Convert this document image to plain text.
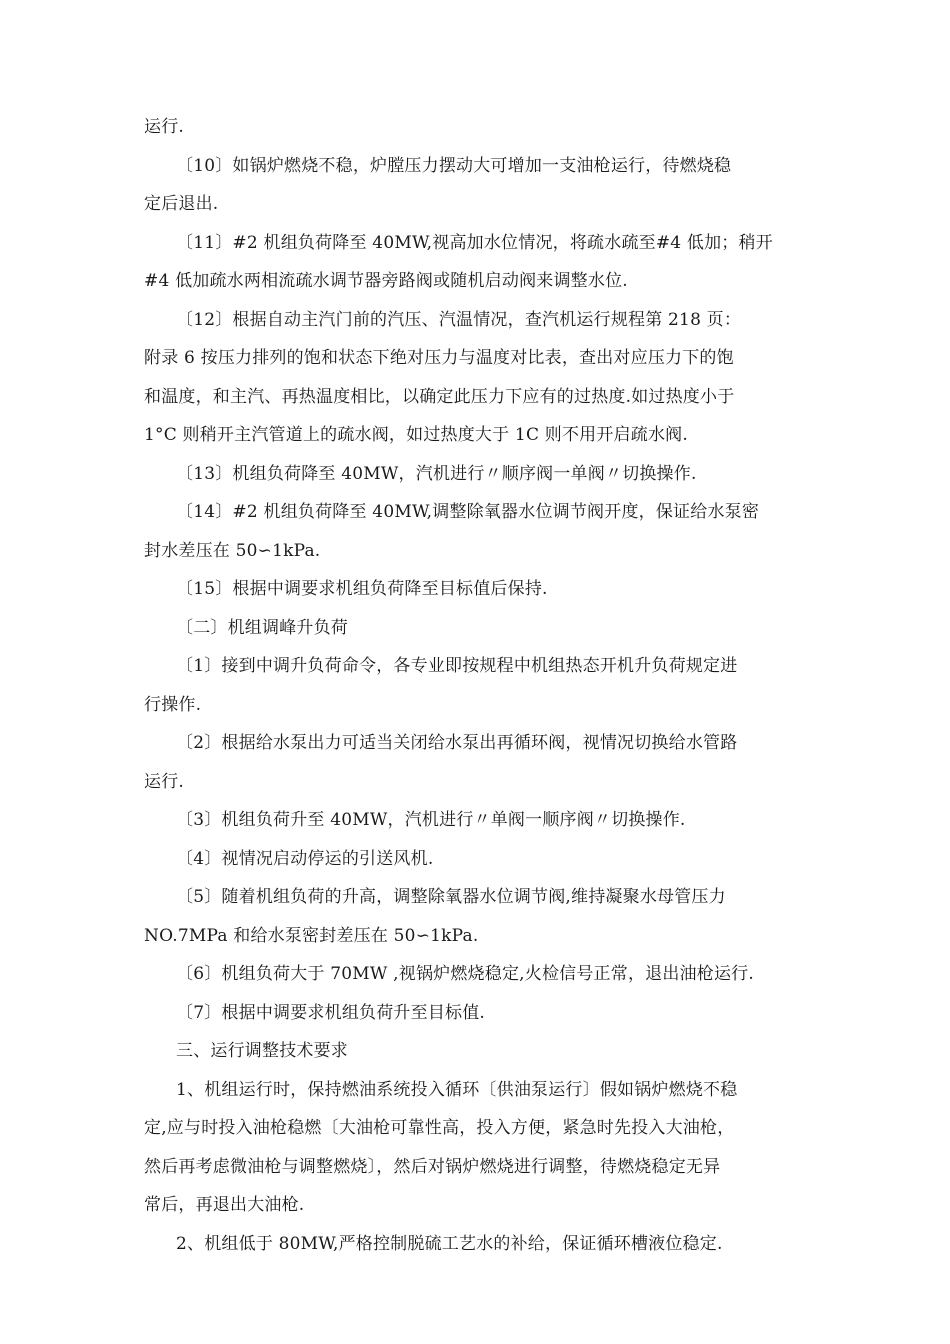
运行.
〔10〕如锅炉燃烧不稳，炉膛压力摆动大可增加一支油枪运行，待燃烧稳
定后退出.
〔11〕#2 机组负荷降至 40MW,视高加水位情况，将疏水疏至#4 低加；稍开
#4 低加疏水两相流疏水调节器旁路阀或随机启动阀来调整水位.
〔12〕根据自动主汽门前的汽压、汽温情况，查汽机运行规程第 218 页：
附录 6 按压力排列的饱和状态下绝对压力与温度对比表，查出对应压力下的饱
和温度，和主汽、再热温度相比，以确定此压力下应有的过热度.如过热度小于
1°C 则稍开主汽管道上的疏水阀，如过热度大于 1C 则不用开启疏水阀.
〔13〕机组负荷降至 40MW，汽机进行〃顺序阀一单阀〃切换操作.
〔14〕#2 机组负荷降至 40MW,调整除氧器水位调节阀开度，保证给水泵密
封水差压在 50∽1kPa.
〔15〕根据中调要求机组负荷降至目标值后保持.
〔二〕机组调峰升负荷
〔1〕接到中调升负荷命令，各专业即按规程中机组热态开机升负荷规定进
行操作.
〔2〕根据给水泵出力可适当关闭给水泵出再循环阀，视情况切换给水管路
运行.
〔3〕机组负荷升至 40MW，汽机进行〃单阀一顺序阀〃切换操作.
〔4〕视情况启动停运的引送风机.
〔5〕随着机组负荷的升高，调整除氧器水位调节阀,维持凝聚水母管压力
NO.7MPa 和给水泵密封差压在 50∽1kPa.
〔6〕机组负荷大于 70MW ,视锅炉燃烧稳定,火检信号正常，退出油枪运行.
〔7〕根据中调要求机组负荷升至目标值.
三、运行调整技术要求
1、机组运行时，保持燃油系统投入循环〔供油泵运行〕假如锅炉燃烧不稳
定,应与时投入油枪稳燃〔大油枪可靠性高，投入方便，紧急时先投入大油枪，
然后再考虑微油枪与调整燃烧〕，然后对锅炉燃烧进行调整，待燃烧稳定无异
常后，再退出大油枪.
2、机组低于 80MW,严格控制脱硫工艺水的补给，保证循环槽液位稳定.
